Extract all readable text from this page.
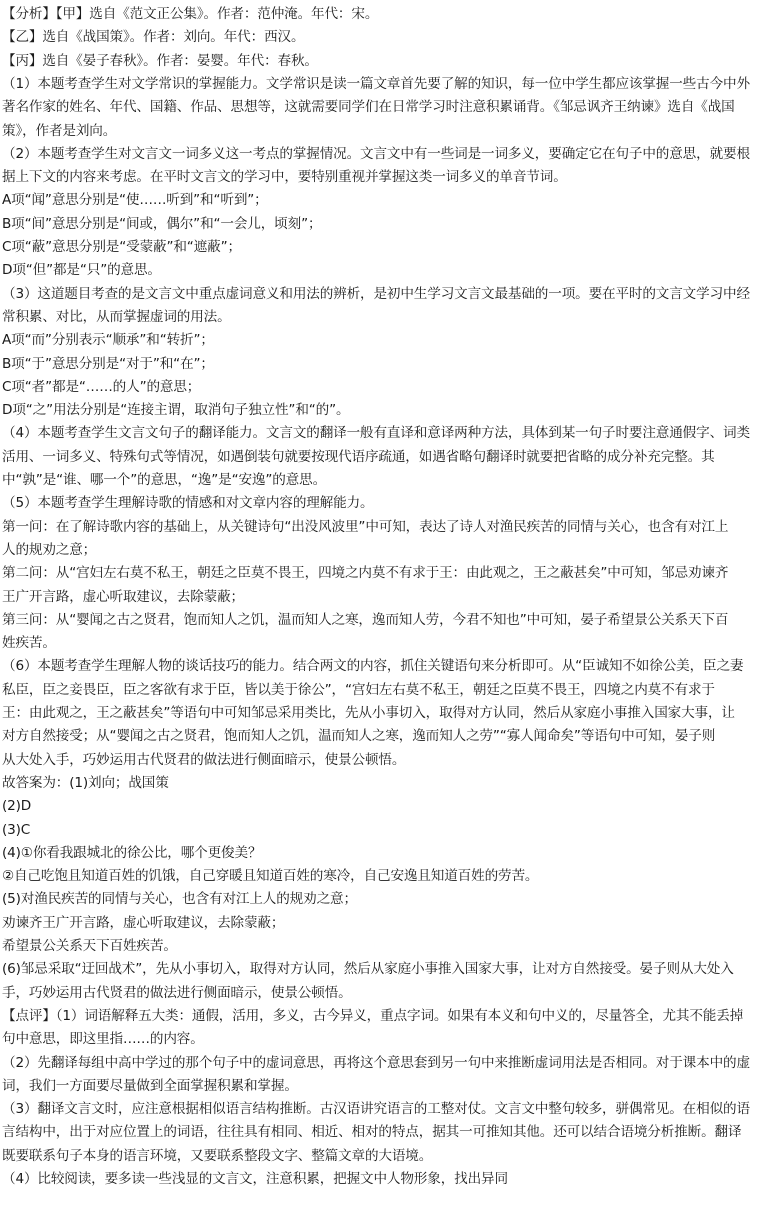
【分析】【甲】选自《范文正公集》。作者：范仲淹。年代：宋。
【乙】选自《战国策》。作者：刘向。年代：西汉。
【丙】选自《晏子春秋》。作者：晏婴。年代：春秋。
（1）本题考查学生对文学常识的掌握能力。文学常识是读一篇文章首先要了解的知识，每一位中学生都应该掌握一些古今中外
著名作家的姓名、年代、国籍、作品、思想等，这就需要同学们在日常学习时注意积累诵背。《邹忌讽齐王纳谏》选自《战国
策》，作者是刘向。
（2）本题考查学生对文言文一词多义这一考点的掌握情况。文言文中有一些词是一词多义，要确定它在句子中的意思，就要根
据上下文的内容来考虑。在平时文言文的学习中，要特别重视并掌握这类一词多义的单音节词。
A项“闻”意思分别是“使……听到”和“听到”；
B项“间”意思分别是“间或，偶尔”和“一会儿，顷刻”；
C项“蔽”意思分别是“受蒙蔽”和“遮蔽”；
D项“但”都是“只”的意思。
（3）这道题目考查的是文言文中重点虚词意义和用法的辨析，是初中生学习文言文最基础的一项。要在平时的文言文学习中经
常积累、对比，从而掌握虚词的用法。
A项“而”分别表示“顺承”和“转折”；
B项“于”意思分别是“对于”和“在”；
C项“者”都是“……的人”的意思；
D项“之”用法分别是“连接主谓，取消句子独立性”和“的”。
（4）本题考查学生文言文句子的翻译能力。文言文的翻译一般有直译和意译两种方法，具体到某一句子时要注意通假字、词类
活用、一词多义、特殊句式等情况，如遇倒装句就要按现代语序疏通，如遇省略句翻译时就要把省略的成分补充完整。其
中“孰”是“谁、哪一个”的意思，“逸”是“安逸”的意思。
（5）本题考查学生理解诗歌的情感和对文章内容的理解能力。
第一问：在了解诗歌内容的基础上，从关键诗句“出没风波里”中可知，表达了诗人对渔民疾苦的同情与关心，也含有对江上
人的规劝之意；
第二问：从“宫妇左右莫不私王，朝廷之臣莫不畏王，四境之内莫不有求于王：由此观之，王之蔽甚矣”中可知，邹忌劝谏齐
王广开言路，虚心听取建议，去除蒙蔽；
第三问：从“婴闻之古之贤君，饱而知人之饥，温而知人之寒，逸而知人劳，今君不知也”中可知，晏子希望景公关系天下百
姓疾苦。
（6）本题考查学生理解人物的谈话技巧的能力。结合两文的内容，抓住关键语句来分析即可。从“臣诚知不如徐公美，臣之妻
私臣，臣之妾畏臣，臣之客欲有求于臣，皆以美于徐公”，“宫妇左右莫不私王，朝廷之臣莫不畏王，四境之内莫不有求于
王：由此观之，王之蔽甚矣”等语句中可知邹忌采用类比，先从小事切入，取得对方认同，然后从家庭小事推入国家大事，让
对方自然接受；从“婴闻之古之贤君，饱而知人之饥，温而知人之寒，逸而知人之劳”“寡人闻命矣”等语句中可知，晏子则
从大处入手，巧妙运用古代贤君的做法进行侧面暗示，使景公顿悟。
故答案为：(1)刘向；战国策
(2)D
(3)C
(4)①你看我跟城北的徐公比，哪个更俊美？
②自己吃饱且知道百姓的饥饿，自己穿暖且知道百姓的寒冷，自己安逸且知道百姓的劳苦。
(5)对渔民疾苦的同情与关心，也含有对江上人的规劝之意；
劝谏齐王广开言路，虚心听取建议，去除蒙蔽；
希望景公关系天下百姓疾苦。
(6)邹忌采取“迂回战术”，先从小事切入，取得对方认同，然后从家庭小事推入国家大事，让对方自然接受。晏子则从大处入
手，巧妙运用古代贤君的做法进行侧面暗示，使景公顿悟。
【点评】（1）词语解释五大类：通假，活用，多义，古今异义，重点字词。如果有本义和句中义的，尽量答全，尤其不能丢掉
句中意思，即这里指……的内容。
（2）先翻译每组中高中学过的那个句子中的虚词意思，再将这个意思套到另一句中来推断虚词用法是否相同。对于课本中的虚
词，我们一方面要尽量做到全面掌握积累和掌握。
（3）翻译文言文时，应注意根据相似语言结构推断。古汉语讲究语言的工整对仗。文言文中整句较多，骈偶常见。在相似的语
言结构中，出于对应位置上的词语，往往具有相同、相近、相对的特点，据其一可推知其他。还可以结合语境分析推断。翻译
既要联系句子本身的语言环境，又要联系整段文字、整篇文章的大语境。
（4）比较阅读，要多读一些浅显的文言文，注意积累，把握文中人物形象，找出异同
